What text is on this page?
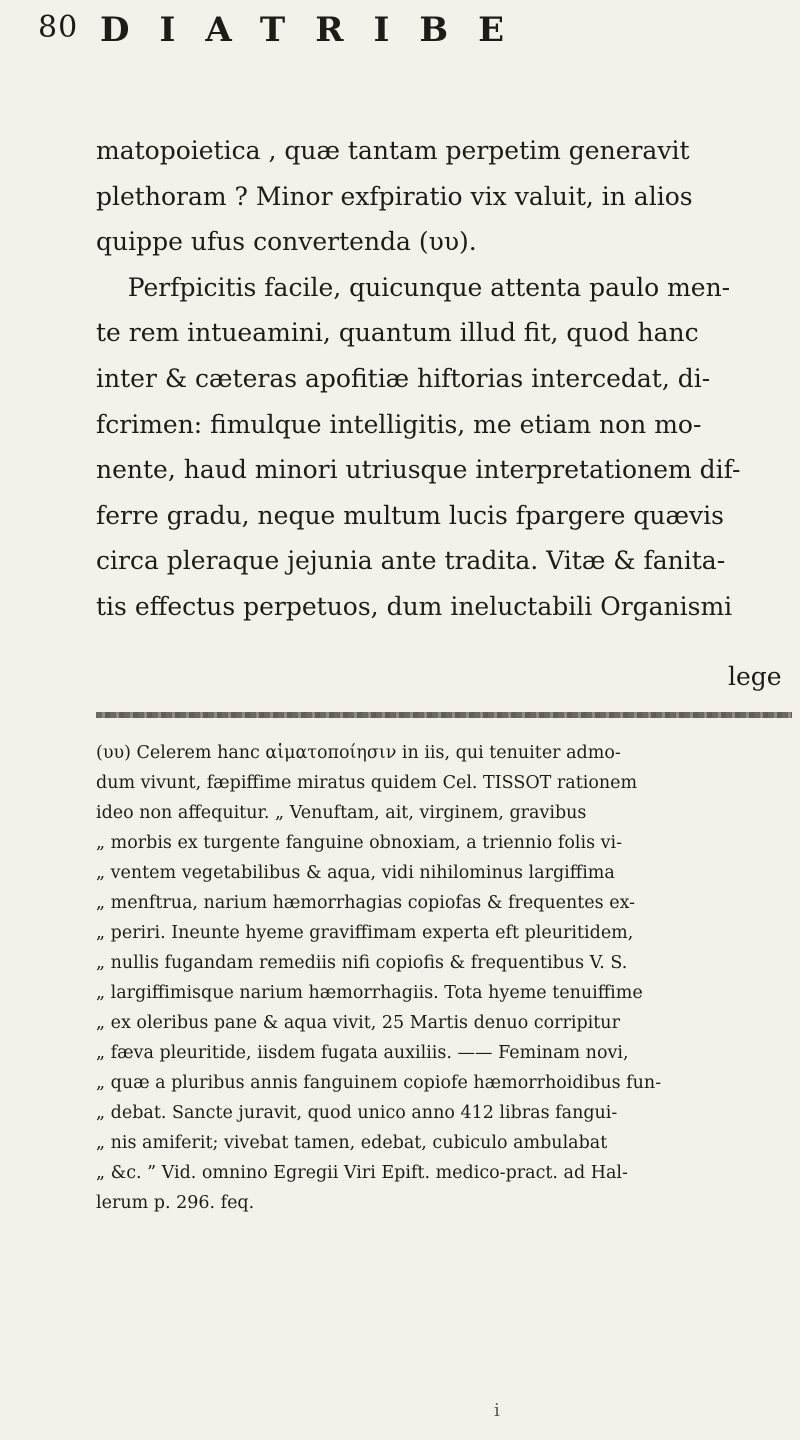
80 DIATRIBE
matopoietica , quæ tantam perpetim generavit
plethoram ? Minor exfpiratio vix valuit, in alios
quippe ufus convertenda (υυ).
Perfpicitis facile, quicunque attenta paulo men-
te rem intueamini, quantum illud fit, quod hanc
inter & cæteras apofitiæ hiftorias intercedat, di-
fcrimen: fimulque intelligitis, me etiam non mo-
nente, haud minori utriusque interpretationem dif-
ferre gradu, neque multum lucis fpargere quævis
circa pleraque jejunia ante tradita. Vitæ & fanita-
tis effectus perpetuos, dum ineluctabili Organismi
lege
(υυ) Celerem hanc αἱματοποίησιν in iis, qui tenuiter admo-
dum vivunt, fæpiffime miratus quidem Cel. TISSOT rationem
ideo non affequitur. „ Venuftam, ait, virginem, gravibus
„ morbis ex turgente fanguine obnoxiam, a triennio folis vi-
„ ventem vegetabilibus & aqua, vidi nihilominus largiffima
„ menftrua, narium hæmorrhagias copiofas & frequentes ex-
„ periri. Ineunte hyeme graviffimam experta eft pleuritidem,
„ nullis fugandam remediis nifi copiofis & frequentibus V. S.
„ largiffimisque narium hæmorrhagiis. Tota hyeme tenuiffime
„ ex oleribus pane & aqua vivit, 25 Martis denuo corripitur
„ fæva pleuritide, iisdem fugata auxiliis. —— Feminam novi,
„ quæ a pluribus annis fanguinem copiofe hæmorrhoidibus fun-
„ debat. Sancte juravit, quod unico anno 412 libras fangui-
„ nis amiferit; vivebat tamen, edebat, cubiculo ambulabat
„ &c. ” Vid. omnino Egregii Viri Epift. medico-pract. ad Hal-
lerum p. 296. feq.
i
